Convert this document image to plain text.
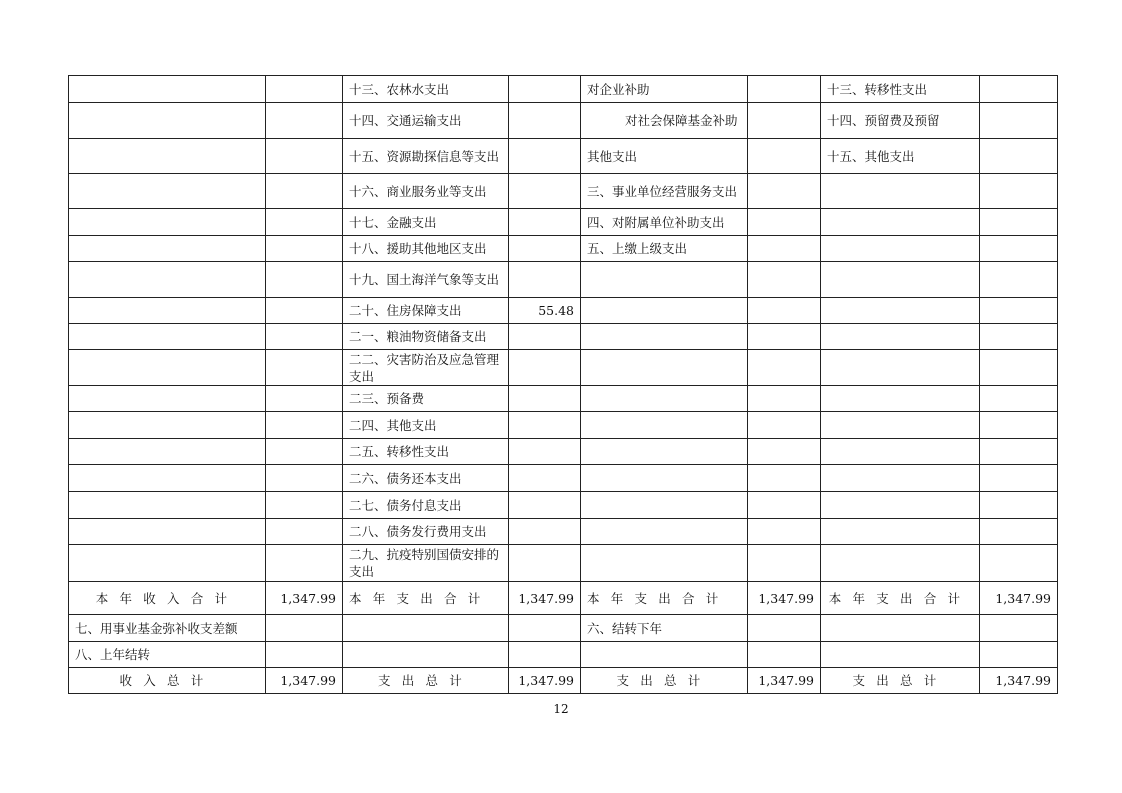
		十三、农林水支出		对企业补助		十三、转移性支出	
		十四、交通运输支出		对社会保障基金补助		十四、预留费及预留	
		十五、资源勘探信息等支出		其他支出		十五、其他支出	
		十六、商业服务业等支出		三、事业单位经营服务支出			
		十七、金融支出		四、对附属单位补助支出			
		十八、援助其他地区支出		五、上缴上级支出			
		十九、国土海洋气象等支出					
		二十、住房保障支出	55.48				
		二一、粮油物资储备支出					
		二二、灾害防治及应急管理支出					
		二三、预备费					
		二四、其他支出					
		二五、转移性支出					
		二六、债务还本支出					
		二七、债务付息支出					
		二八、债务发行费用支出					
		二九、抗疫特别国债安排的支出					
本年收入合计	1,347.99	本年支出合计	1,347.99	本年支出合计	1,347.99	本年支出合计	1,347.99
七、用事业基金弥补收支差额				六、结转下年			
八、上年结转							
收入总计	1,347.99	支出总计	1,347.99	支出总计	1,347.99	支出总计	1,347.99
12
